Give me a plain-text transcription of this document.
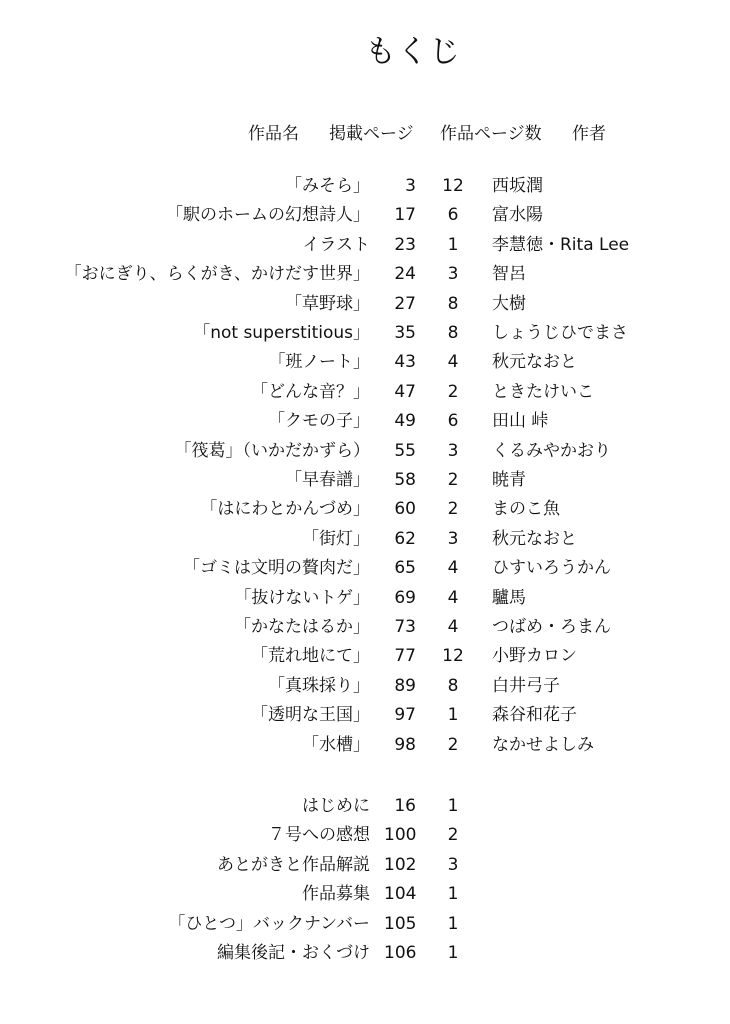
もくじ
作品名 掲載ページ 作品ページ数 作者
「みそら」	3 12 西坂潤
「駅のホームの幻想詩人」	17	6	富水陽
イラスト	23	1	李慧徳・Rita Lee
「おにぎり、らくがき、かけだす世界」	24	3	智呂
「草野球」	27	8	大樹
「not superstitious」	35	8	しょうじひでまさ
「班ノート」	43	4	秋元なおと
「どんな音？」	47	2	ときたけいこ
「クモの子」	49	6	田山 峠
「筏葛」（いかだかずら）	55	3	くるみやかおり
「早春譜」	58	2	暁青
「はにわとかんづめ」	60	2	まのこ魚
「街灯」	62	3	秋元なおと
「ゴミは文明の贅肉だ」	65	4	ひすいろうかん
「抜けないトゲ」	69	4	驢馬
「かなたはるか」	73	4	つばめ・ろまん
「荒れ地にて」	77 12 小野カロン
「真珠採り」	89	8	白井弓子
「透明な王国」	97	1	森谷和花子
「水槽」	98	2	なかせよしみ
はじめに	16	1
７号への感想 100	2
あとがきと作品解説 102	3
作品募集 104	1
「ひとつ」バックナンバー 105	1
編集後記・おくづけ 106	1
